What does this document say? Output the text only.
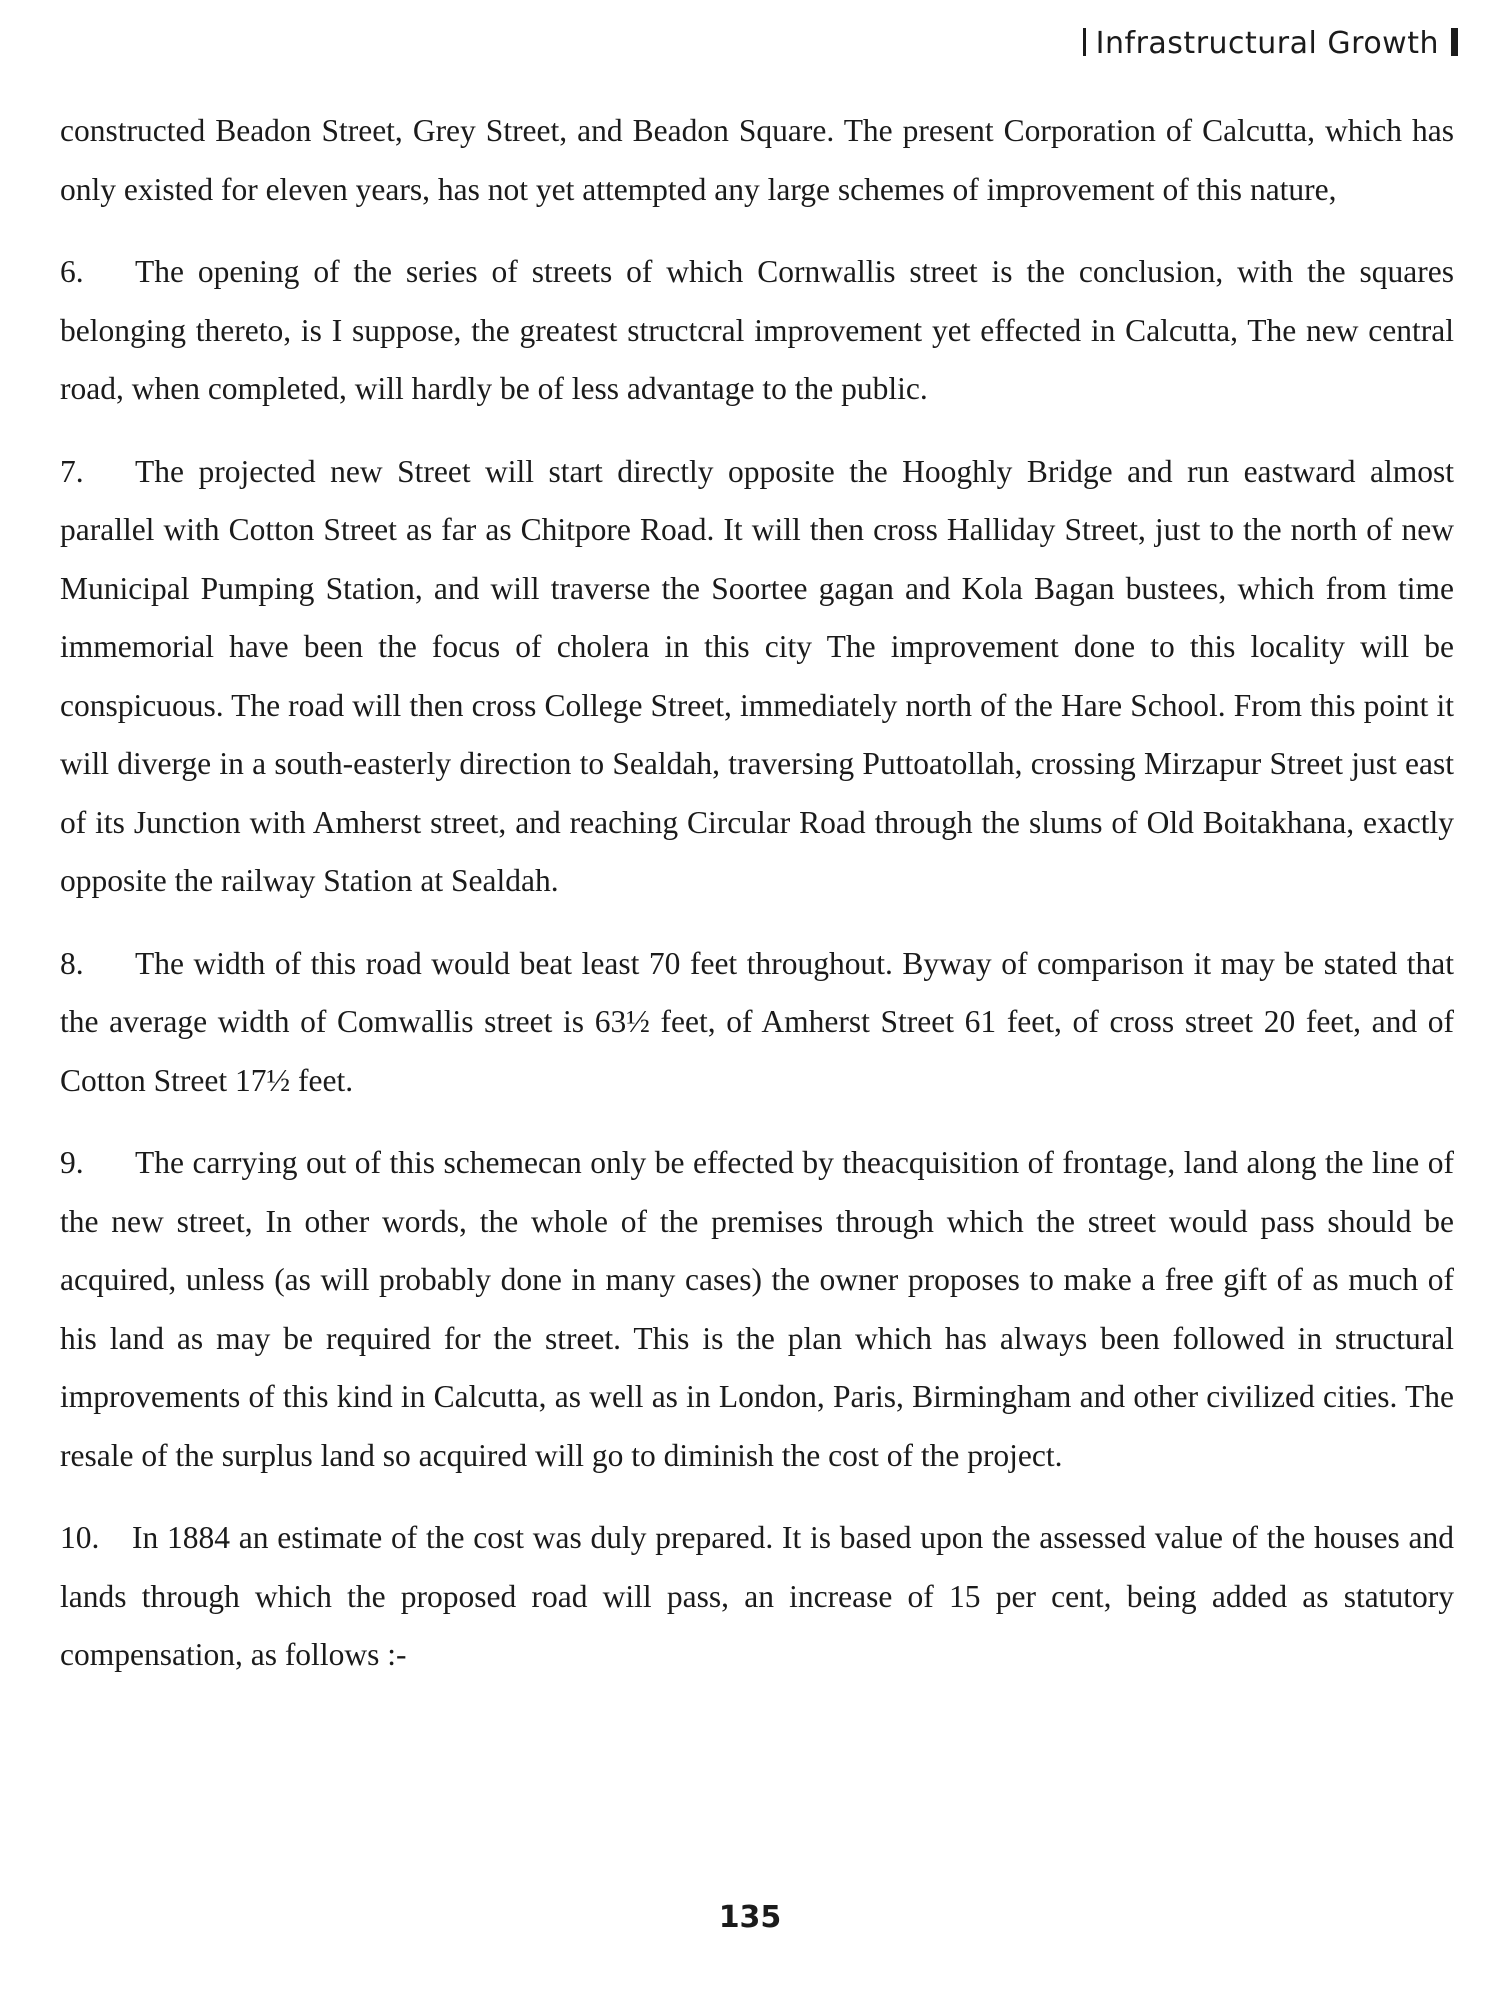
Infrastructural Growth

constructed Beadon Street, Grey Street, and Beadon Square. The present Corporation of Calcutta, which has only existed for eleven years, has not yet attempted any large schemes of improvement of this nature,

6. The opening of the series of streets of which Cornwallis street is the conclusion, with the squares belonging thereto, is I suppose, the greatest structcral improvement yet effected in Calcutta, The new central road, when completed, will hardly be of less advantage to the public.

7. The projected new Street will start directly opposite the Hooghly Bridge and run eastward almost parallel with Cotton Street as far as Chitpore Road. It will then cross Halliday Street, just to the north of new Municipal Pumping Station, and will traverse the Soortee gagan and Kola Bagan bustees, which from time immemorial have been the focus of cholera in this city The improvement done to this locality will be conspicuous. The road will then cross College Street, immediately north of the Hare School. From this point it will diverge in a south-easterly direction to Sealdah, traversing Puttoatollah, crossing Mirzapur Street just east of its Junction with Amherst street, and reaching Circular Road through the slums of Old Boitakhana, exactly opposite the railway Station at Sealdah.

8. The width of this road would beat least 70 feet throughout. Byway of comparison it may be stated that the average width of Comwallis street is 63½ feet, of Amherst Street 61 feet, of cross street 20 feet, and of Cotton Street 17½ feet.

9. The carrying out of this schemecan only be effected by theacquisition of frontage, land along the line of the new street, In other words, the whole of the premises through which the street would pass should be acquired, unless (as will probably done in many cases) the owner proposes to make a free gift of as much of his land as may be required for the street. This is the plan which has always been followed in structural improvements of this kind in Calcutta, as well as in London, Paris, Birmingham and other civilized cities. The resale of the surplus land so acquired will go to diminish the cost of the project.

10. In 1884 an estimate of the cost was duly prepared. It is based upon the assessed value of the houses and lands through which the proposed road will pass, an increase of 15 per cent, being added as statutory compensation, as follows :-

135
